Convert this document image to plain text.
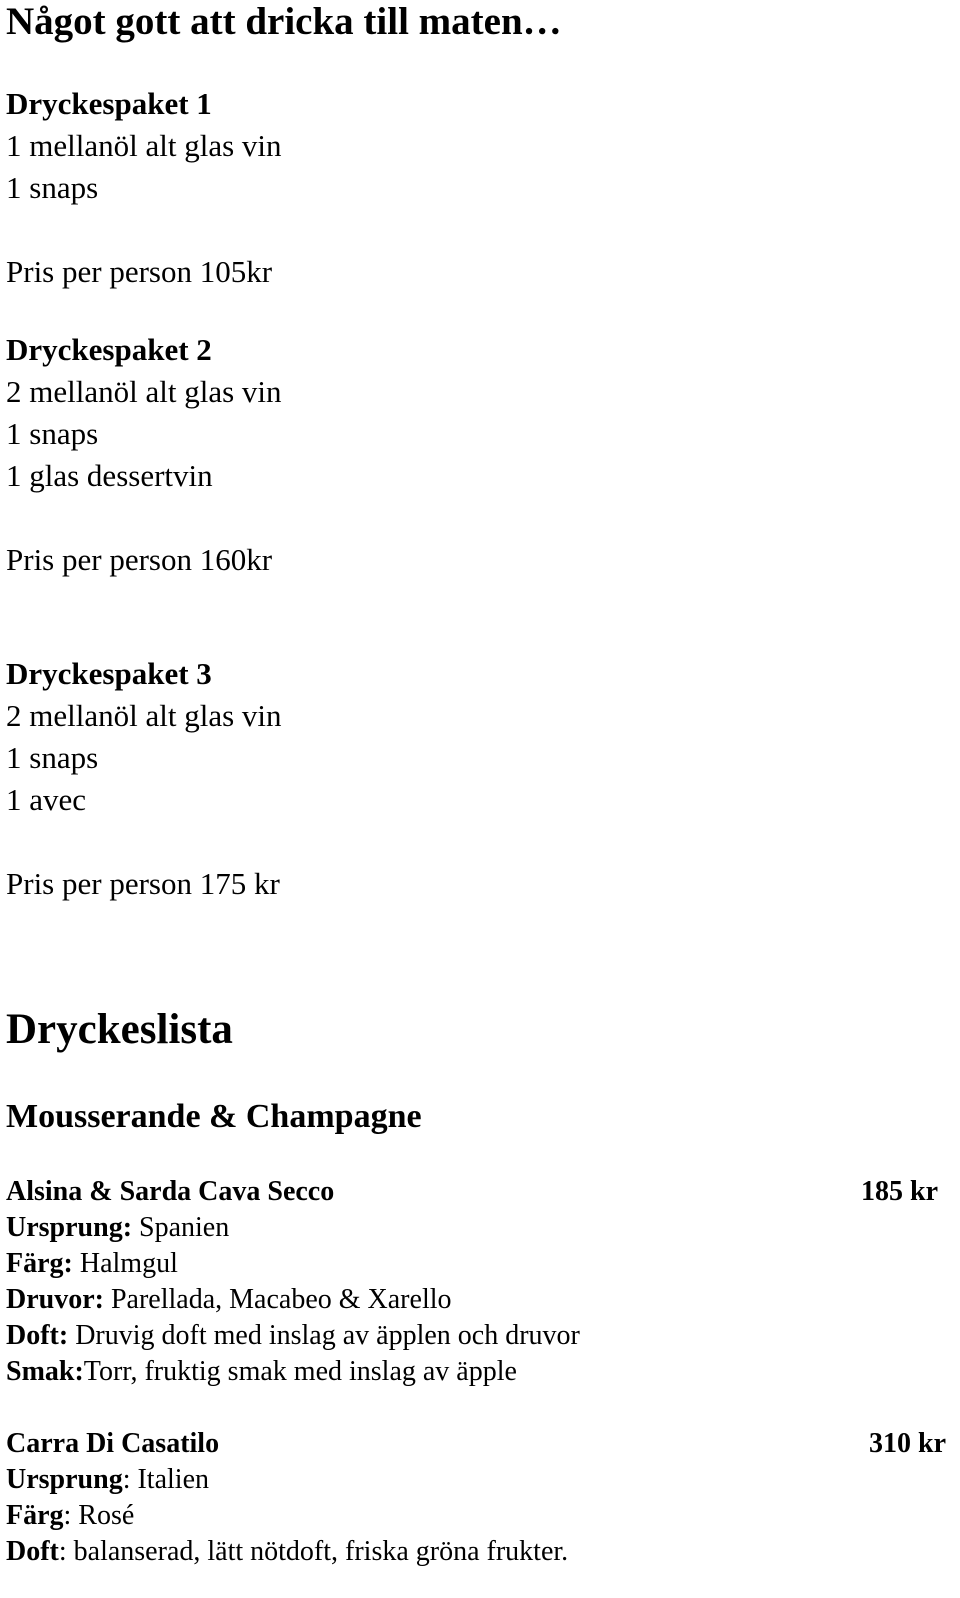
Något gott att dricka till maten…
Dryckespaket 1
1 mellanöl alt glas vin
1 snaps
Pris per person 105kr
Dryckespaket 2
2 mellanöl alt glas vin
1 snaps
1 glas dessertvin
Pris per person 160kr
Dryckespaket 3
2 mellanöl alt glas vin
1 snaps
1 avec
Pris per person 175 kr
Dryckeslista
Mousserande & Champagne
Alsina & Sarda Cava Secco	185 kr
Ursprung: Spanien
Färg: Halmgul
Druvor: Parellada, Macabeo & Xarello
Doft: Druvig doft med inslag av äpplen och druvor
Smak:Torr, fruktig smak med inslag av äpple
Carra Di Casatilo	310 kr
Ursprung: Italien
Färg: Rosé
Doft: balanserad, lätt nötdoft, friska gröna frukter.
